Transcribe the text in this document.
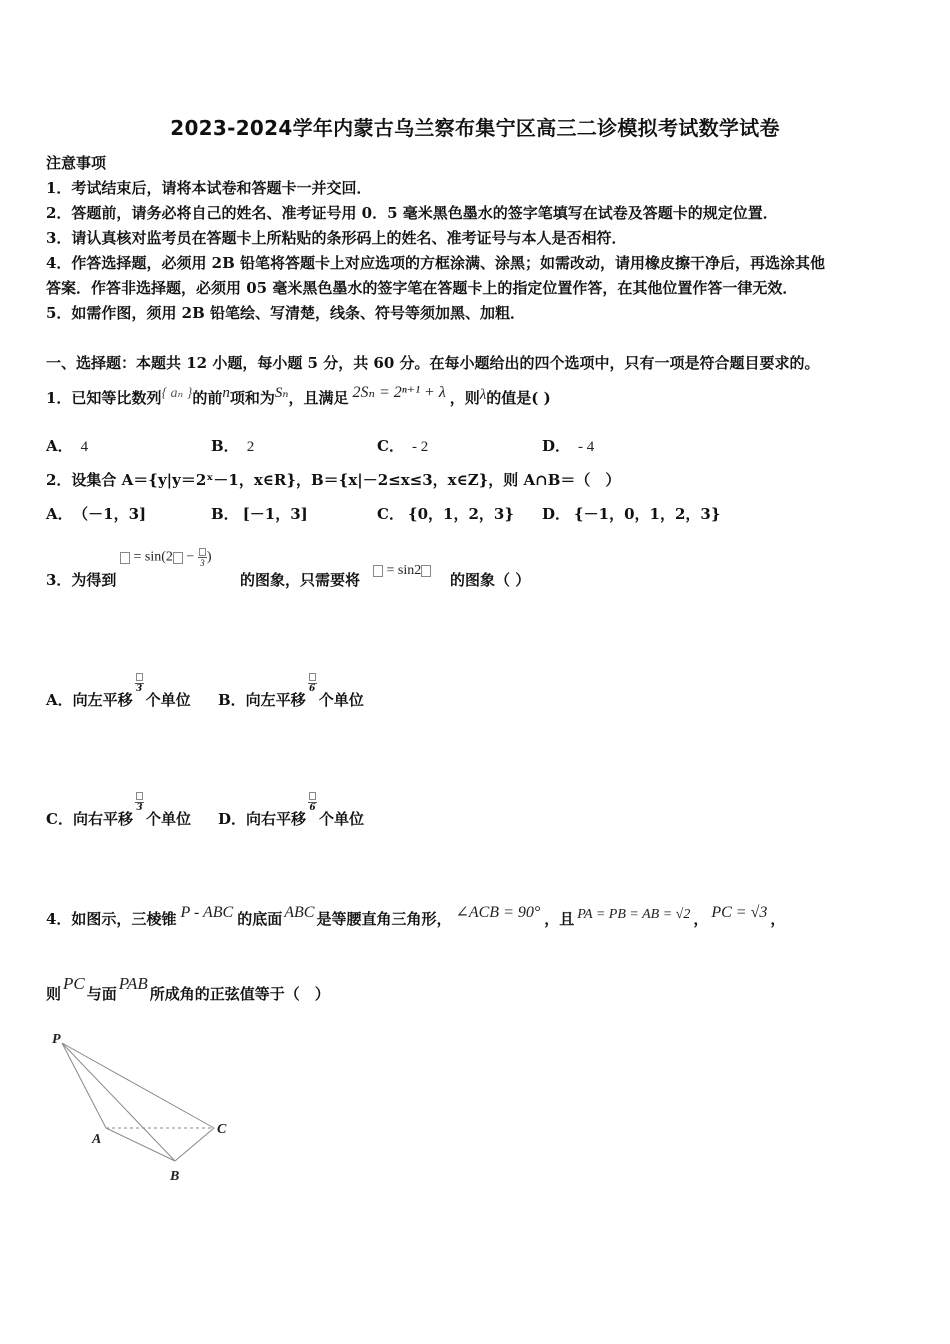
2023-2024学年内蒙古乌兰察布集宁区高三二诊模拟考试数学试卷
注意事项
1．考试结束后，请将本试卷和答题卡一并交回．
2．答题前，请务必将自己的姓名、准考证号用 0．5 毫米黑色墨水的签字笔填写在试卷及答题卡的规定位置．
3．请认真核对监考员在答题卡上所粘贴的条形码上的姓名、准考证号与本人是否相符．
4．作答选择题，必须用 2B 铅笔将答题卡上对应选项的方框涂满、涂黑；如需改动，请用橡皮擦干净后，再选涂其他
答案．作答非选择题，必须用 05 毫米黑色墨水的签字笔在答题卡上的指定位置作答，在其他位置作答一律无效．
5．如需作图，须用 2B 铅笔绘、写清楚，线条、符号等须加黑、加粗．
一、选择题：本题共 12 小题，每小题 5 分，共 60 分。在每小题给出的四个选项中，只有一项是符合题目要求的。
1．已知等比数列{ aₙ }的前n项和为Sₙ，且满足 2Sₙ = 2ⁿ⁺¹ + λ ，则λ的值是( )
A． 4	B． 2	C． - 2	D． - 4
2．设集合 A＝{y|y＝2ˣ－1，x∈R}，B＝{x|－2≤x≤3，x∈Z}，则 A∩B＝（　）
A． （－1，3]	B． [－1，3]	C． {0，1，2，3} D． {－1，0，1，2，3}
3．为得到
= sin(2 − 3 )
的图象，只需要将
= sin2
的图象（ ）
A．向左平移
3
个单位 B．向左平移
6
个单位
C．向右平移
3
个单位 D．向右平移
6
个单位
4．如图示，三棱锥 P - ABC 的底面 ABC 是等腰直角三角形， ∠ACB = 90° ，且 PA = PB = AB = √2 ， PC = √3 ，
则PC与面PAB所成角的正弦值等于（　）
P
A
B
C
